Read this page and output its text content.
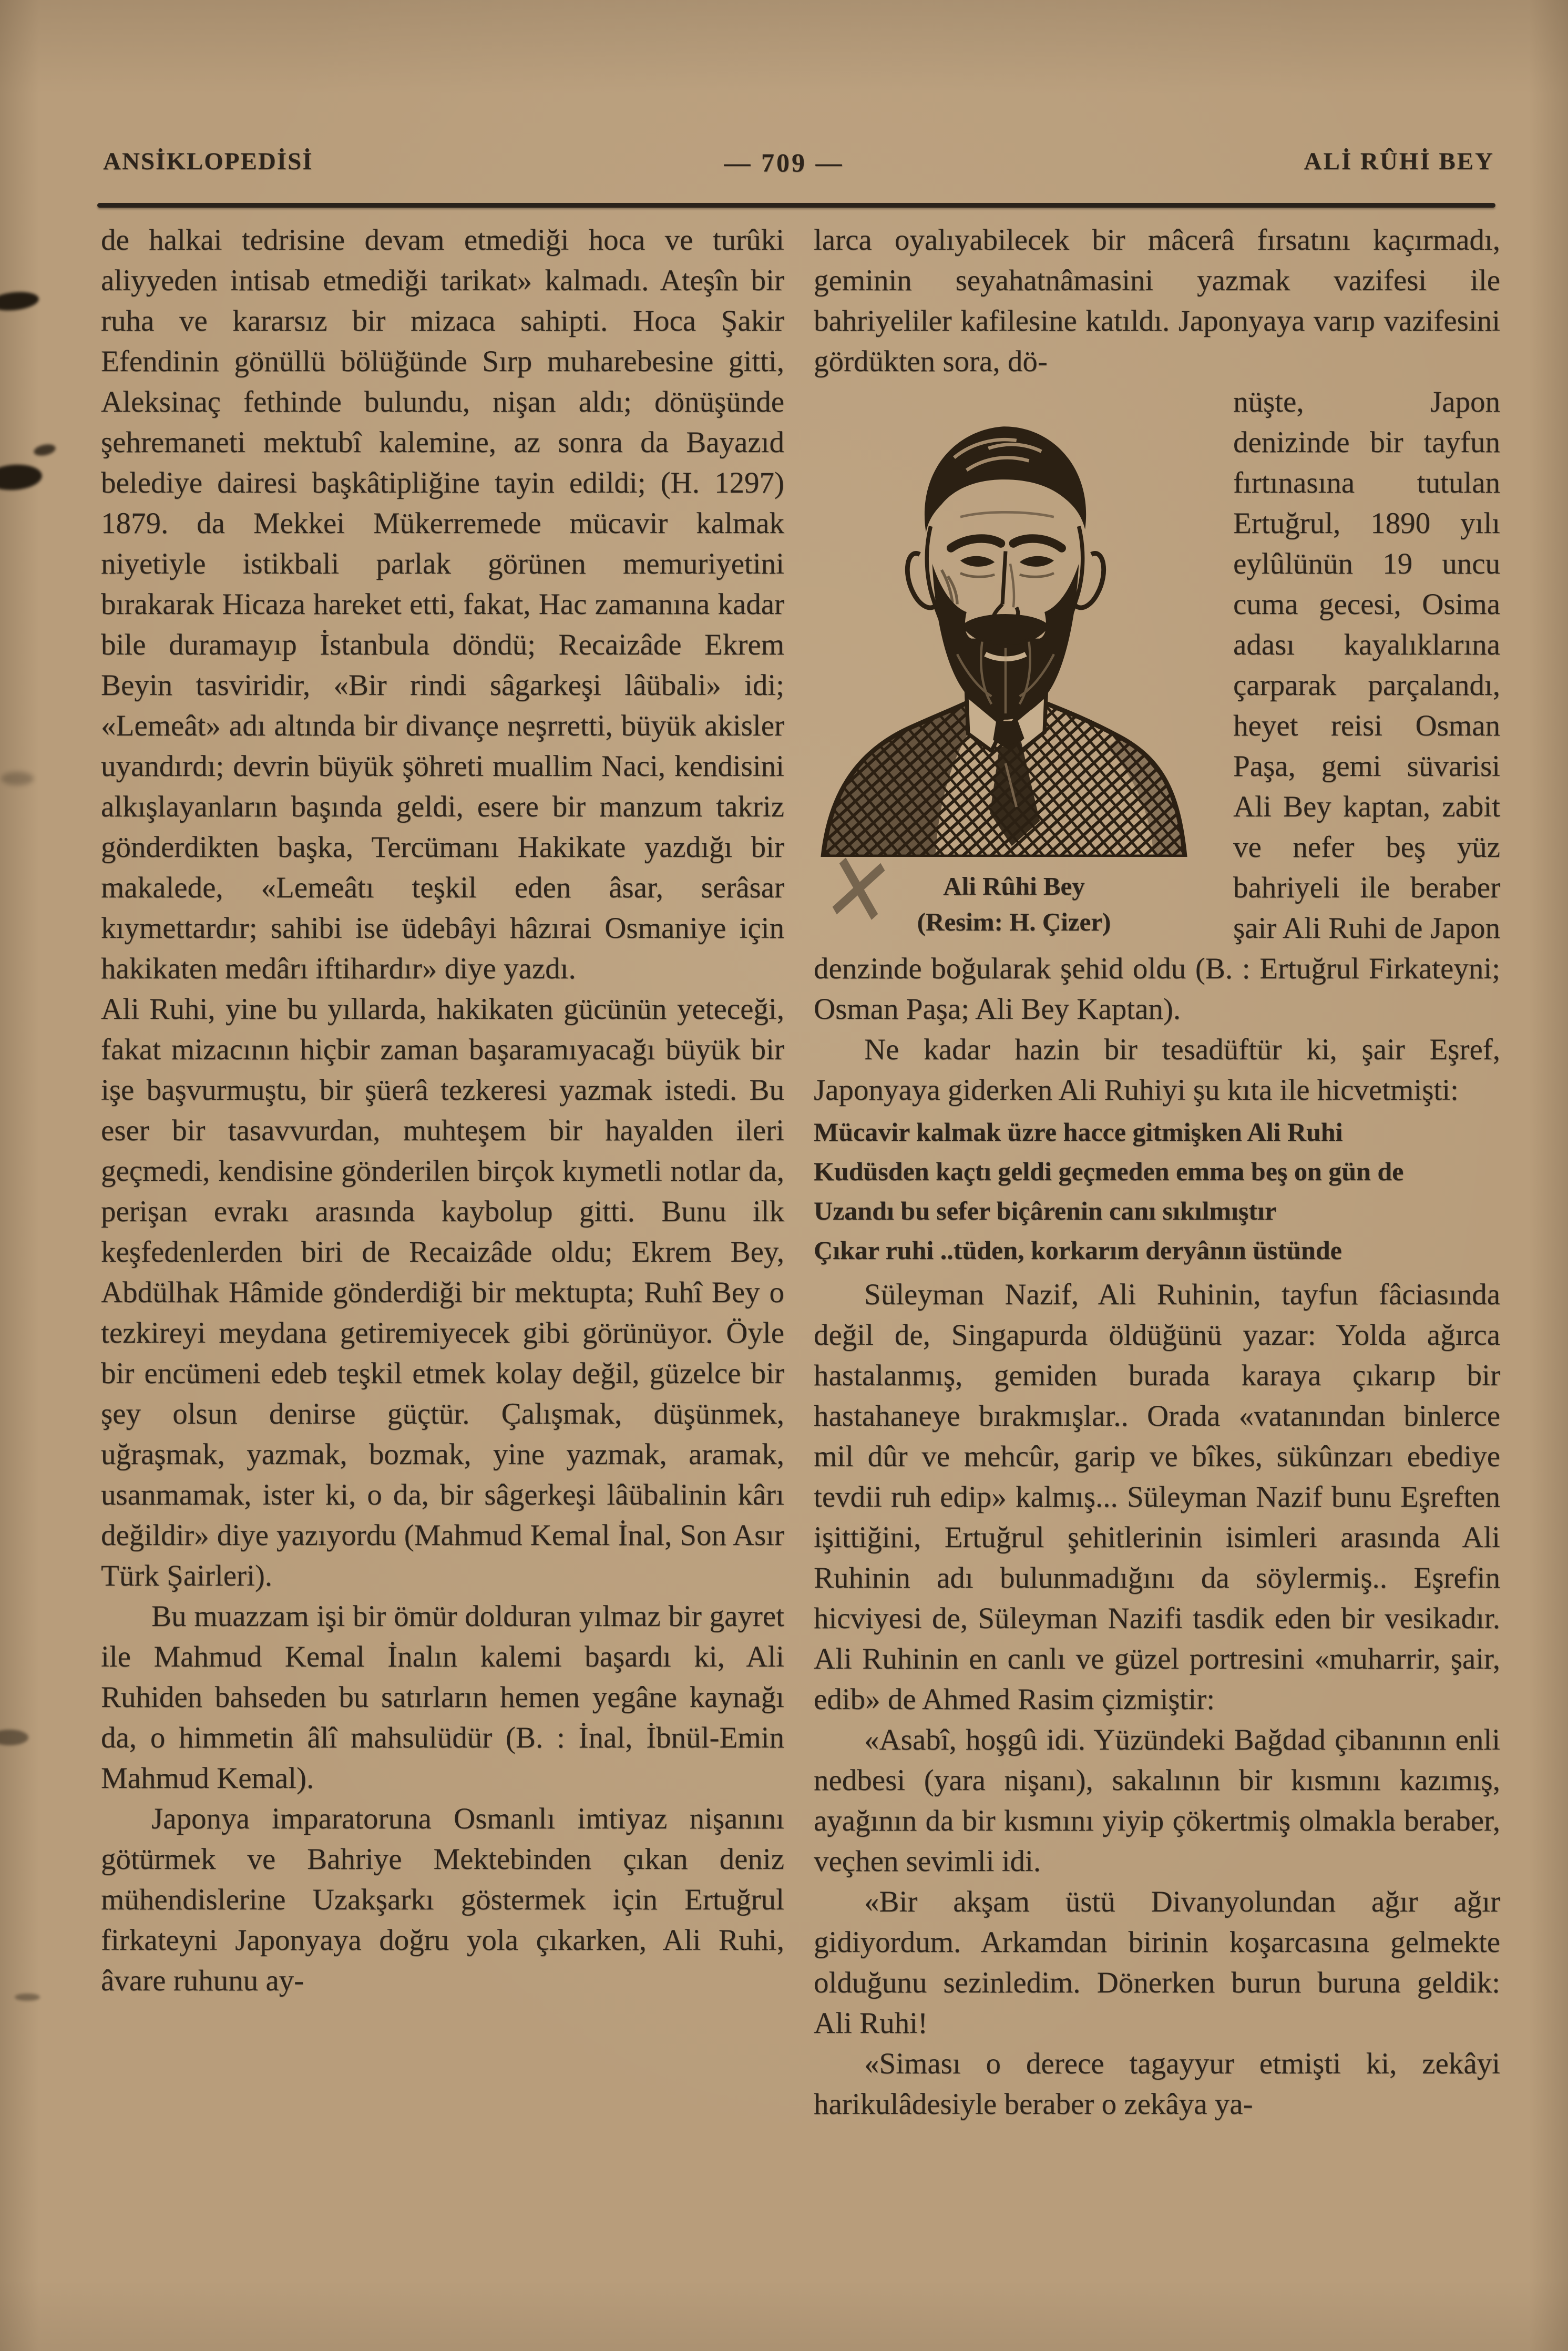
ANSİKLOPEDİSİ	— 709 —	ALİ RÛHİ BEY

de halkai tedrisine devam etmediği hoca ve turûki aliyyeden intisab etmediği tarikat» kalmadı. Ateşîn bir ruha ve kararsız bir mizaca sahipti. Hoca Şakir Efendinin gönüllü bölüğünde Sırp muharebesine gitti, Aleksinaç fethinde bulundu, nişan aldı; dönüşünde şehremaneti mektubî kalemine, az sonra da Bayazıd belediye dairesi başkâtipliğine tayin edildi; (H. 1297) 1879. da Mekkei Mükerremede mücavir kalmak niyetiyle istikbali parlak görünen memuriyetini bırakarak Hicaza hareket etti, fakat, Hac zamanına kadar bile duramayıp İstanbula döndü; Recaizâde Ekrem Beyin tasviridir, «Bir rindi sâgarkeşi lâübali» idi; «Lemeât» adı altında bir divançe neşrretti, büyük akisler uyandırdı; devrin büyük şöhreti muallim Naci, kendisini alkışlayanların başında geldi, esere bir manzum takriz gönderdikten başka, Tercümanı Hakikate yazdığı bir makalede, «Lemeâtı teşkil eden âsar, serâsar kıymettardır; sahibi ise üdebâyi hâzırai Osmaniye için hakikaten medârı iftihardır» diye yazdı.

Ali Ruhi, yine bu yıllarda, hakikaten gücünün yeteceği, fakat mizacının hiçbir zaman başaramıyacağı büyük bir işe başvurmuştu, bir şüerâ tezkeresi yazmak istedi. Bu eser bir tasavvurdan, muhteşem bir hayalden ileri geçmedi, kendisine gönderilen birçok kıymetli notlar da, perişan evrakı arasında kaybolup gitti. Bunu ilk keşfedenlerden biri de Recaizâde oldu; Ekrem Bey, Abdülhak Hâmide gönderdiği bir mektupta; Ruhî Bey o tezkireyi meydana getiremiyecek gibi görünüyor. Öyle bir encümeni edeb teşkil etmek kolay değil, güzelce bir şey olsun denirse güçtür. Çalışmak, düşünmek, uğraşmak, yazmak, bozmak, yine yazmak, aramak, usanmamak, ister ki, o da, bir sâgerkeşi lâübalinin kârı değildir» diye yazıyordu (Mahmud Kemal İnal, Son Asır Türk Şairleri).

Bu muazzam işi bir ömür dolduran yılmaz bir gayret ile Mahmud Kemal İnalın kalemi başardı ki, Ali Ruhiden bahseden bu satırların hemen yegâne kaynağı da, o himmetin âlî mahsulüdür (B. : İnal, İbnül-Emin Mahmud Kemal).

Japonya imparatoruna Osmanlı imtiyaz nişanını götürmek ve Bahriye Mektebinden çıkan deniz mühendislerine Uzakşarkı göstermek için Ertuğrul firkateyni Japonyaya doğru yola çıkarken, Ali Ruhi, âvare ruhunu ay-

larca oyalıyabilecek bir mâcerâ fırsatını kaçırmadı, geminin seyahatnâmasini yazmak vazifesi ile bahriyeliler kafilesine katıldı. Japonyaya varıp vazifesini gördükten sora, dö-

Ali Rûhi Bey
(Resim: H. Çizer)
✕

nüşte, Japon denizinde bir tayfun fırtınasına tutulan Ertuğrul, 1890 yılı eylûlünün 19 uncu cuma gecesi, Osima adası kayalıklarına çarparak parçalandı, heyet reisi Osman Paşa, gemi süvarisi Ali Bey kaptan, zabit ve nefer beş yüz bahriyeli ile beraber şair Ali Ruhi de Japon denzinde boğularak şehid oldu (B. : Ertuğrul Firkateyni; Osman Paşa; Ali Bey Kaptan).

Ne kadar hazin bir tesadüftür ki, şair Eşref, Japonyaya giderken Ali Ruhiyi şu kıta ile hicvetmişti:

Mücavir kalmak üzre hacce gitmişken Ali Ruhi
Kudüsden kaçtı geldi geçmeden emma beş on gün de
Uzandı bu sefer biçârenin canı sıkılmıştır
Çıkar ruhi ..tüden, korkarım deryânın üstünde

Süleyman Nazif, Ali Ruhinin, tayfun fâciasında değil de, Singapurda öldüğünü yazar: Yolda ağırca hastalanmış, gemiden burada karaya çıkarıp bir hastahaneye bırakmışlar.. Orada «vatanından binlerce mil dûr ve mehcûr, garip ve bîkes, sükûnzarı ebediye tevdii ruh edip» kalmış... Süleyman Nazif bunu Eşreften işittiğini, Ertuğrul şehitlerinin isimleri arasında Ali Ruhinin adı bulunmadığını da söylermiş.. Eşrefin hicviyesi de, Süleyman Nazifi tasdik eden bir vesikadır. Ali Ruhinin en canlı ve güzel portresini «muharrir, şair, edib» de Ahmed Rasim çizmiştir:

«Asabî, hoşgû idi. Yüzündeki Bağdad çibanının enli nedbesi (yara nişanı), sakalının bir kısmını kazımış, ayağının da bir kısmını yiyip çökertmiş olmakla beraber, veçhen sevimli idi.

«Bir akşam üstü Divanyolundan ağır ağır gidiyordum. Arkamdan birinin koşarcasına gelmekte olduğunu sezinledim. Dönerken burun buruna geldik: Ali Ruhi!

«Siması o derece tagayyur etmişti ki, zekâyi harikulâdesiyle beraber o zekâya ya-
